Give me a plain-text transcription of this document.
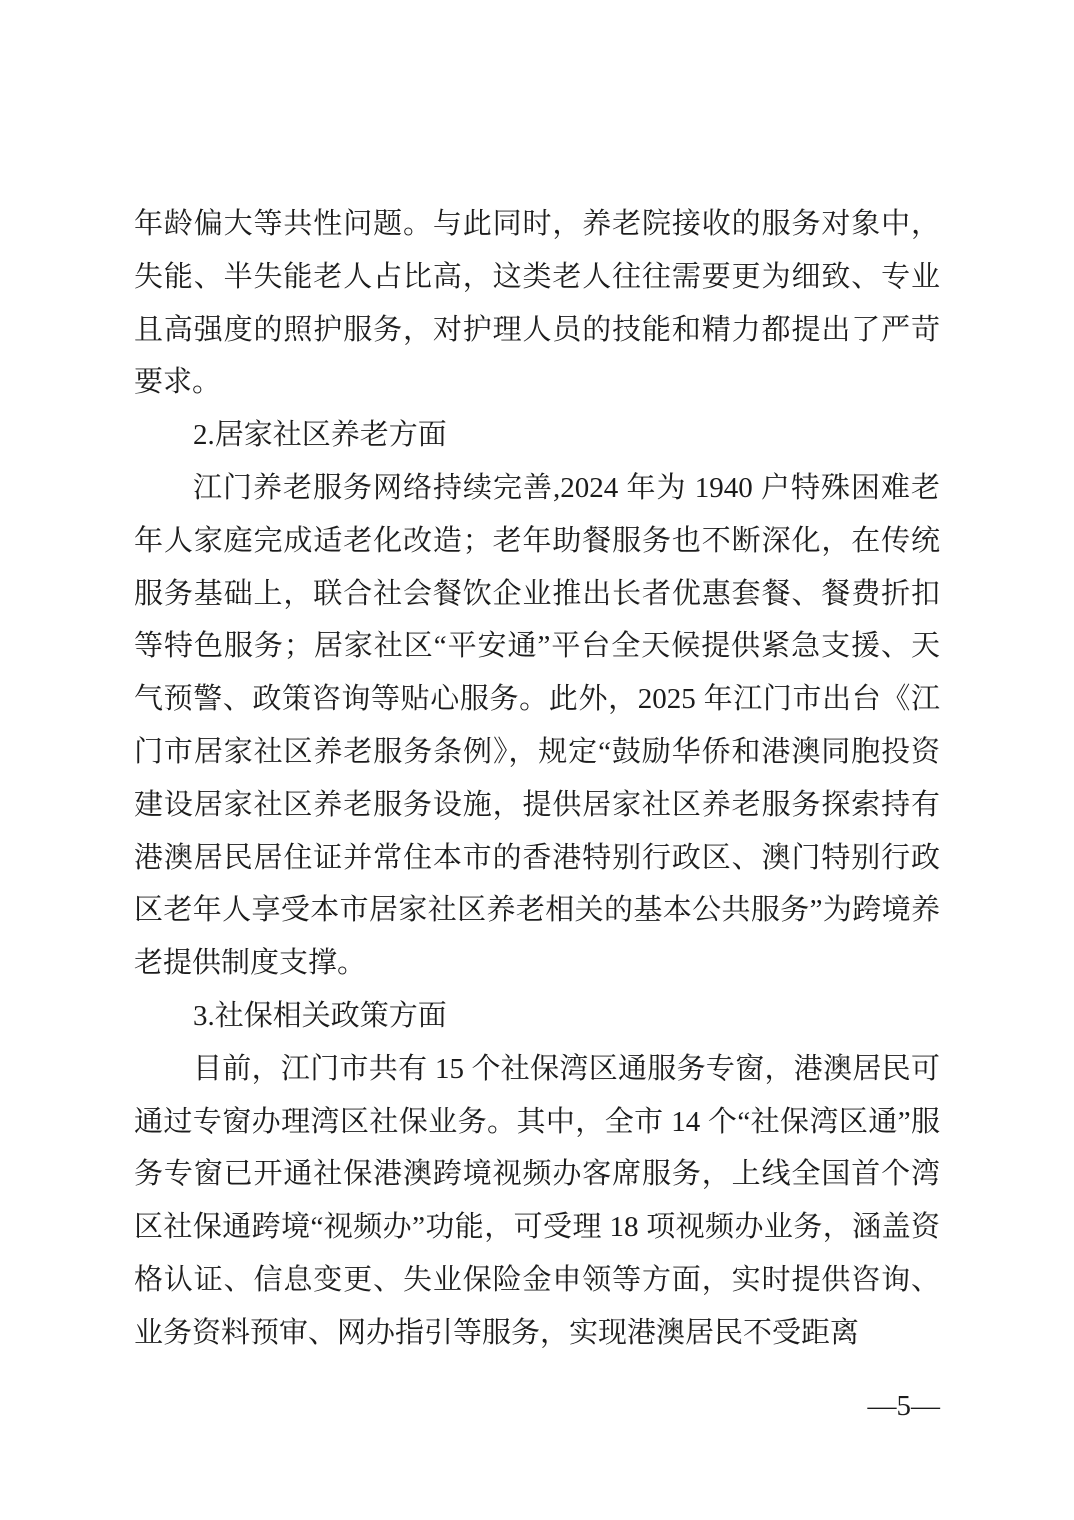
年龄偏大等共性问题。与此同时，养老院接收的服务对象中，失能、半失能老人占比高，这类老人往往需要更为细致、专业且高强度的照护服务，对护理人员的技能和精力都提出了严苛要求。

2.居家社区养老方面

江门养老服务网络持续完善,2024 年为 1940 户特殊困难老年人家庭完成适老化改造；老年助餐服务也不断深化，在传统服务基础上，联合社会餐饮企业推出长者优惠套餐、餐费折扣等特色服务；居家社区“平安通”平台全天候提供紧急支援、天气预警、政策咨询等贴心服务。此外，2025 年江门市出台《江门市居家社区养老服务条例》，规定“鼓励华侨和港澳同胞投资建设居家社区养老服务设施，提供居家社区养老服务探索持有港澳居民居住证并常住本市的香港特别行政区、澳门特别行政区老年人享受本市居家社区养老相关的基本公共服务”为跨境养老提供制度支撑。

3.社保相关政策方面

目前，江门市共有 15 个社保湾区通服务专窗，港澳居民可通过专窗办理湾区社保业务。其中，全市 14 个“社保湾区通”服务专窗已开通社保港澳跨境视频办客席服务，上线全国首个湾区社保通跨境“视频办”功能，可受理 18 项视频办业务，涵盖资格认证、信息变更、失业保险金申领等方面，实时提供咨询、业务资料预审、网办指引等服务，实现港澳居民不受距离

—5—
